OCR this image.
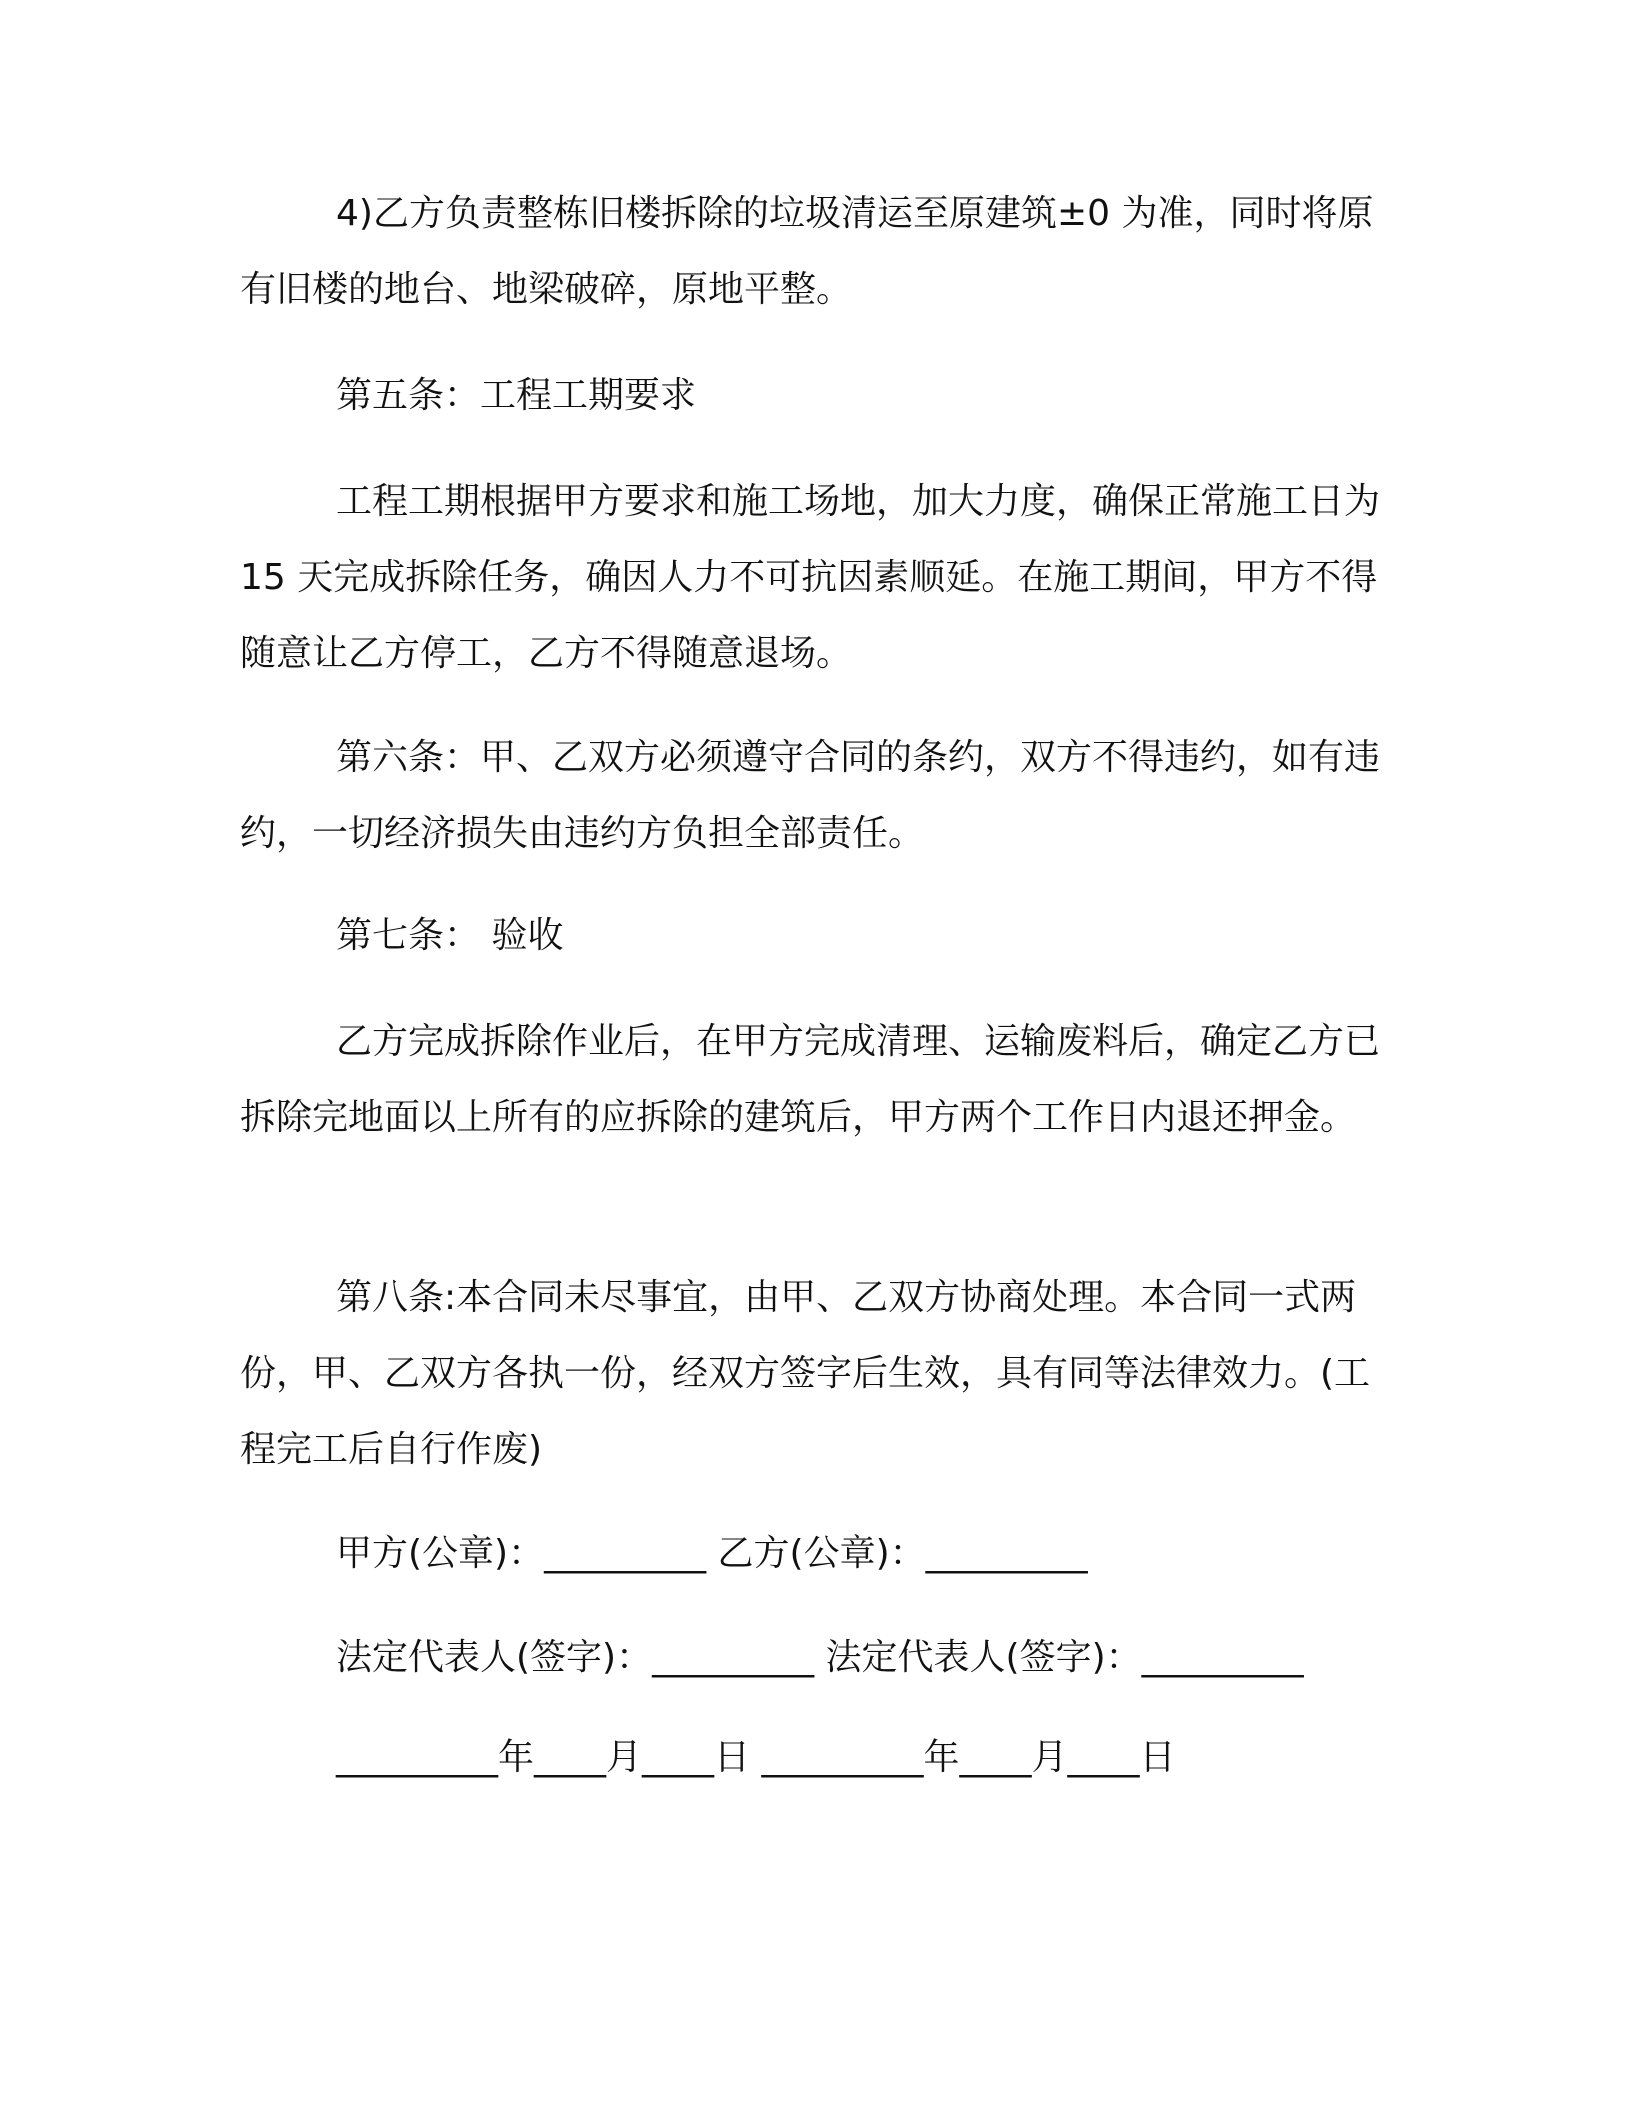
4)乙方负责整栋旧楼拆除的垃圾清运至原建筑±0 为准，同时将原有旧楼的地台、地梁破碎，原地平整。

第五条：工程工期要求

工程工期根据甲方要求和施工场地，加大力度，确保正常施工日为 15 天完成拆除任务，确因人力不可抗因素顺延。在施工期间，甲方不得随意让乙方停工，乙方不得随意退场。

第六条：甲、乙双方必须遵守合同的条约，双方不得违约，如有违约，一切经济损失由违约方负担全部责任。

第七条： 验收

乙方完成拆除作业后，在甲方完成清理、运输废料后，确定乙方已拆除完地面以上所有的应拆除的建筑后，甲方两个工作日内退还押金。

第八条:本合同未尽事宜，由甲、乙双方协商处理。本合同一式两份，甲、乙双方各执一份，经双方签字后生效，具有同等法律效力。(工程完工后自行作废)

甲方(公章)：_________ 乙方(公章)：_________

法定代表人(签字)：_________ 法定代表人(签字)：_________

_________年____月____日 _________年____月____日
